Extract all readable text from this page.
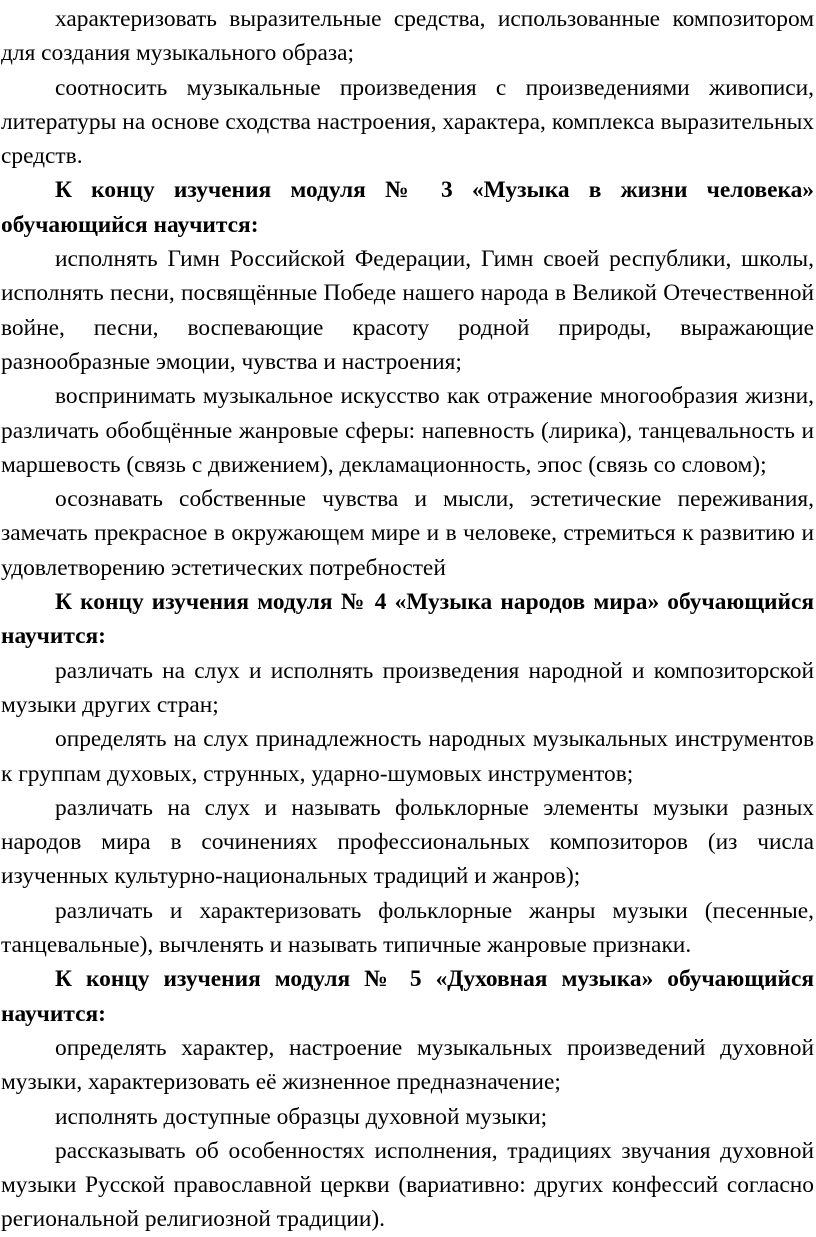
характеризовать выразительные средства, использованные композитором для создания музыкального образа;

соотносить музыкальные произведения с произведениями живописи, литературы на основе сходства настроения, характера, комплекса выразительных средств.

К концу изучения модуля № 3 «Музыка в жизни человека» обучающийся научится:

исполнять Гимн Российской Федерации, Гимн своей республики, школы, исполнять песни, посвящённые Победе нашего народа в Великой Отечественной войне, песни, воспевающие красоту родной природы, выражающие разнообразные эмоции, чувства и настроения;

воспринимать музыкальное искусство как отражение многообразия жизни, различать обобщённые жанровые сферы: напевность (лирика), танцевальность и маршевость (связь с движением), декламационность, эпос (связь со словом);

осознавать собственные чувства и мысли, эстетические переживания, замечать прекрасное в окружающем мире и в человеке, стремиться к развитию и удовлетворению эстетических потребностей

К концу изучения модуля № 4 «Музыка народов мира» обучающийся научится:

различать на слух и исполнять произведения народной и композиторской музыки других стран;

определять на слух принадлежность народных музыкальных инструментов к группам духовых, струнных, ударно-шумовых инструментов;

различать на слух и называть фольклорные элементы музыки разных народов мира в сочинениях профессиональных композиторов (из числа изученных культурно-национальных традиций и жанров);

различать и характеризовать фольклорные жанры музыки (песенные, танцевальные), вычленять и называть типичные жанровые признаки.

К концу изучения модуля № 5 «Духовная музыка» обучающийся научится:

определять характер, настроение музыкальных произведений духовной музыки, характеризовать её жизненное предназначение;

исполнять доступные образцы духовной музыки;

рассказывать об особенностях исполнения, традициях звучания духовной музыки Русской православной церкви (вариативно: других конфессий согласно региональной религиозной традиции).
